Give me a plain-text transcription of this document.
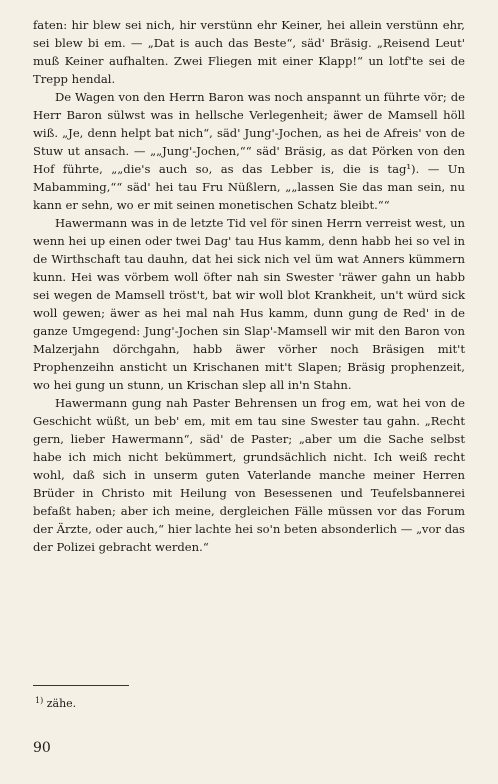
faten: hir blew sei nich, hir verstünn ehr Keiner, hei allein verstünn ehr, sei blew bi em. — „Dat is auch das Beste“, säd' Bräsig. „Reisend Leut' muß Keiner aufhalten. Zwei Fliegen mit einer Klapp!“ un lotf'te sei de Trepp hendal.

De Wagen von den Herrn Baron was noch anspannt un führte vör; de Herr Baron sülwst was in hellsche Verlegenheit; äwer de Mamsell höll wiß. „Je, denn helpt bat nich“, säd' Jung'-Jochen, as hei de Afreis' von de Stuw ut ansach. — „„Jung'-Jochen,““ säd' Bräsig, as dat Pörken von den Hof führte, „„die's auch so, as das Lebber is, die is tag¹). — Un Mabamming,““ säd' hei tau Fru Nüßlern, „„lassen Sie das man sein, nu kann er sehn, wo er mit seinen monetischen Schatz bleibt.““

Hawermann was in de letzte Tid vel för sinen Herrn verreist west, un wenn hei up einen oder twei Dag' tau Hus kamm, denn habb hei so vel in de Wirthschaft tau dauhn, dat hei sick nich vel üm wat Anners kümmern kunn. Hei was vörbem woll öfter nah sin Swester 'räwer gahn un habb sei wegen de Mamsell tröst't, bat wir woll blot Krankheit, un't würd sick woll gewen; äwer as hei mal nah Hus kamm, dunn gung de Red' in de ganze Umgegend: Jung'-Jochen sin Slap'-Mamsell wir mit den Baron von Malzerjahn dörchgahn, habb äwer vörher noch Bräsigen mit't Prophenzeihn ansticht un Krischanen mit't Slapen; Bräsig prophenzeit, wo hei gung un stunn, un Krischan slep all in'n Stahn.

Hawermann gung nah Paster Behrensen un frog em, wat hei von de Geschicht wüßt, un beb' em, mit em tau sine Swester tau gahn. „Recht gern, lieber Hawermann“, säd' de Paster; „aber um die Sache selbst habe ich mich nicht bekümmert, grundsächlich nicht. Ich weiß recht wohl, daß sich in unserm guten Vaterlande manche meiner Herren Brüder in Christo mit Heilung von Besessenen und Teufelsbannerei befaßt haben; aber ich meine, dergleichen Fälle müssen vor das Forum der Ärzte, oder auch,“ hier lachte hei so'n beten absonderlich — „vor das der Polizei gebracht werden.“

$^{1)}$ zähe.
90
